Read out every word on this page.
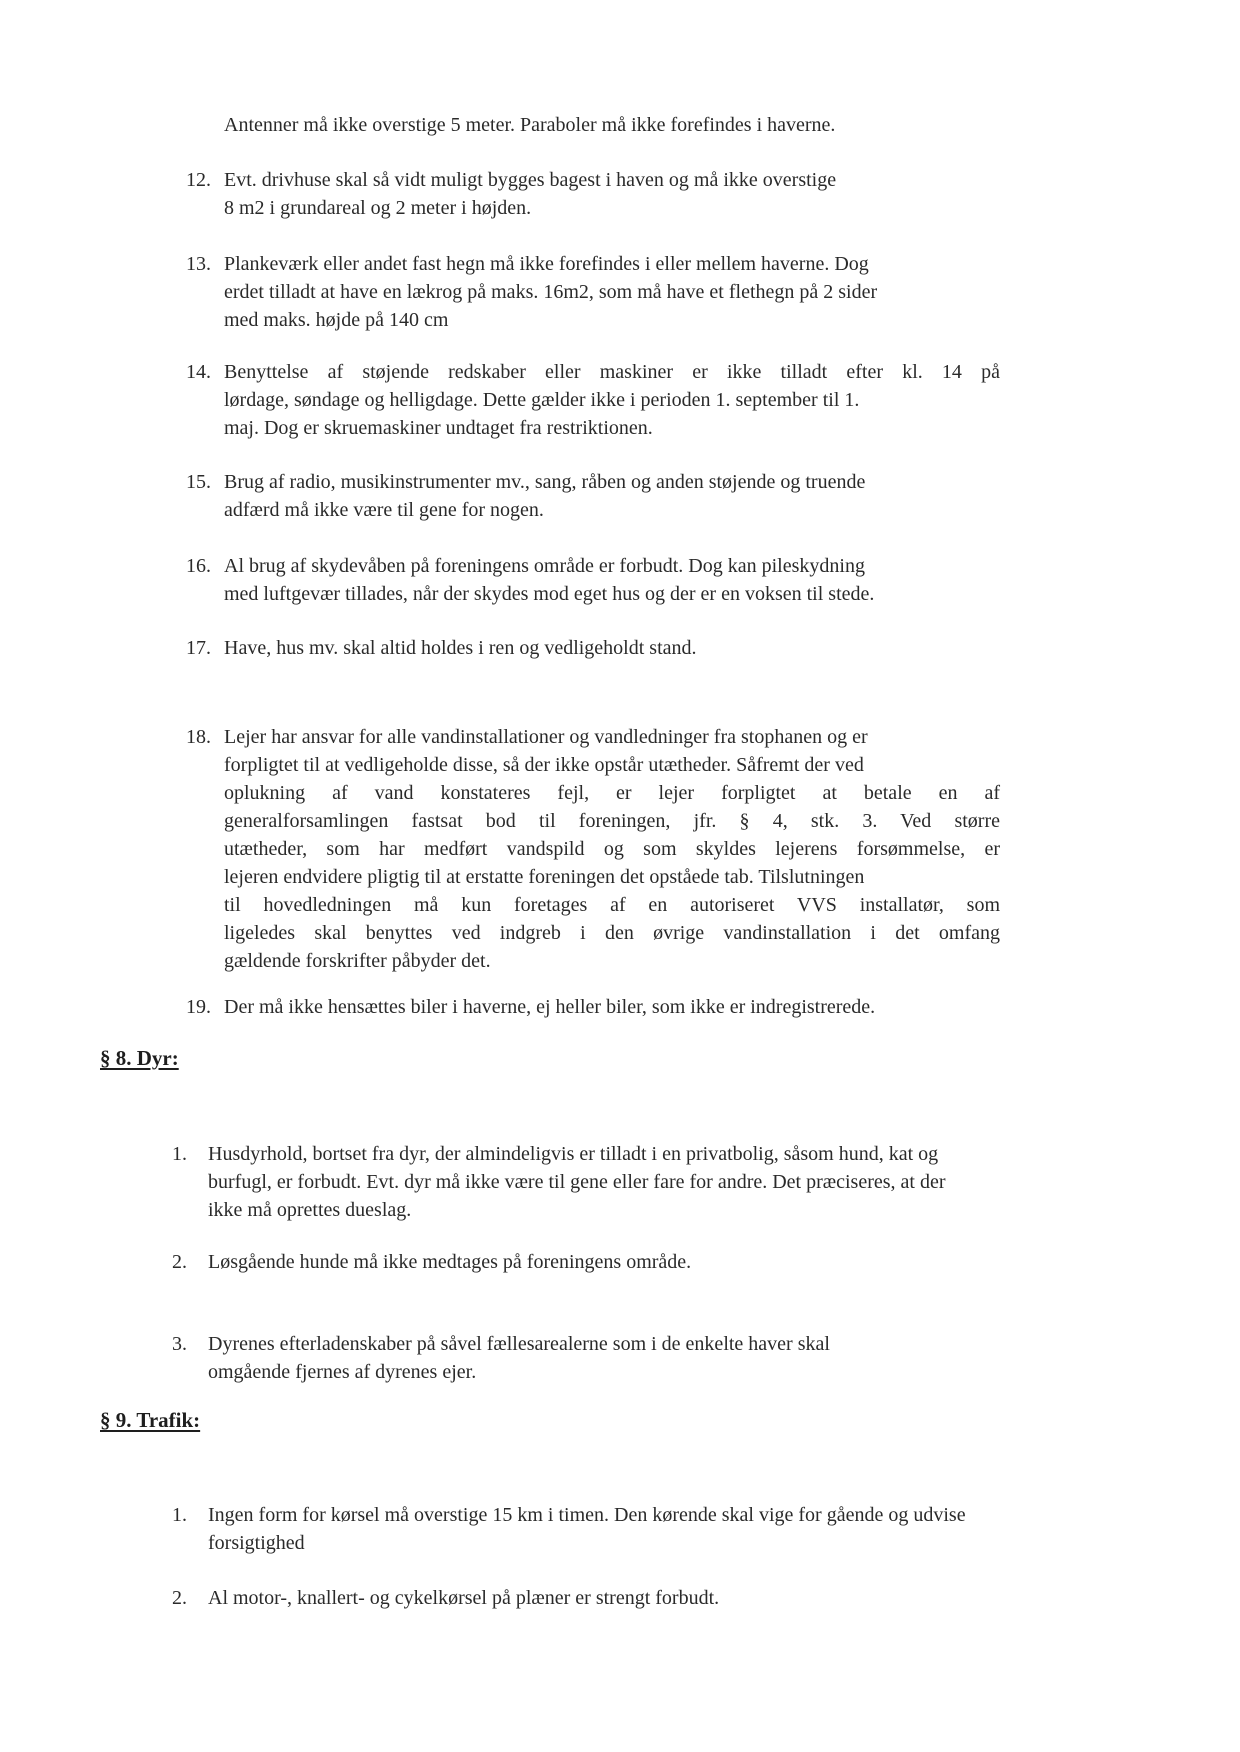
Antenner må ikke overstige 5 meter. Paraboler må ikke forefindes i haverne.
12. Evt. drivhuse skal så vidt muligt bygges bagest i haven og må ikke overstige
8 m2 i grundareal og 2 meter i højden.
13. Plankeværk eller andet fast hegn må ikke forefindes i eller mellem haverne. Dog
erdet tilladt at have en lækrog på maks. 16m2, som må have et flethegn på 2 sider
med maks. højde på 140 cm
14. Benyttelse af støjende redskaber eller maskiner er ikke tilladt efter kl. 14 på
lørdage, søndage og helligdage. Dette gælder ikke i perioden 1. september til 1.
maj. Dog er skruemaskiner undtaget fra restriktionen.
15. Brug af radio, musikinstrumenter mv., sang, råben og anden støjende og truende
adfærd må ikke være til gene for nogen.
16. Al brug af skydevåben på foreningens område er forbudt. Dog kan pileskydning
med luftgevær tillades, når der skydes mod eget hus og der er en voksen til stede.
17. Have, hus mv. skal altid holdes i ren og vedligeholdt stand.
18. Lejer har ansvar for alle vandinstallationer og vandledninger fra stophanen og er
forpligtet til at vedligeholde disse, så der ikke opstår utætheder. Såfremt der ved
oplukning af vand konstateres fejl, er lejer forpligtet at betale en af
generalforsamlingen fastsat bod til foreningen, jfr. § 4, stk. 3. Ved større
utætheder, som har medført vandspild og som skyldes lejerens forsømmelse, er
lejeren endvidere pligtig til at erstatte foreningen det opståede tab. Tilslutningen
til hovedledningen må kun foretages af en autoriseret VVS installatør, som
ligeledes skal benyttes ved indgreb i den øvrige vandinstallation i det omfang
gældende forskrifter påbyder det.
19. Der må ikke hensættes biler i haverne, ej heller biler, som ikke er indregistrerede.
§ 8. Dyr:
1. Husdyrhold, bortset fra dyr, der almindeligvis er tilladt i en privatbolig, såsom hund, kat og
burfugl, er forbudt. Evt. dyr må ikke være til gene eller fare for andre. Det præciseres, at der
ikke må oprettes dueslag.
2. Løsgående hunde må ikke medtages på foreningens område.
3. Dyrenes efterladenskaber på såvel fællesarealerne som i de enkelte haver skal
omgående fjernes af dyrenes ejer.
§ 9. Trafik:
1. Ingen form for kørsel må overstige 15 km i timen. Den kørende skal vige for gående og udvise
forsigtighed
2. Al motor-, knallert- og cykelkørsel på plæner er strengt forbudt.
